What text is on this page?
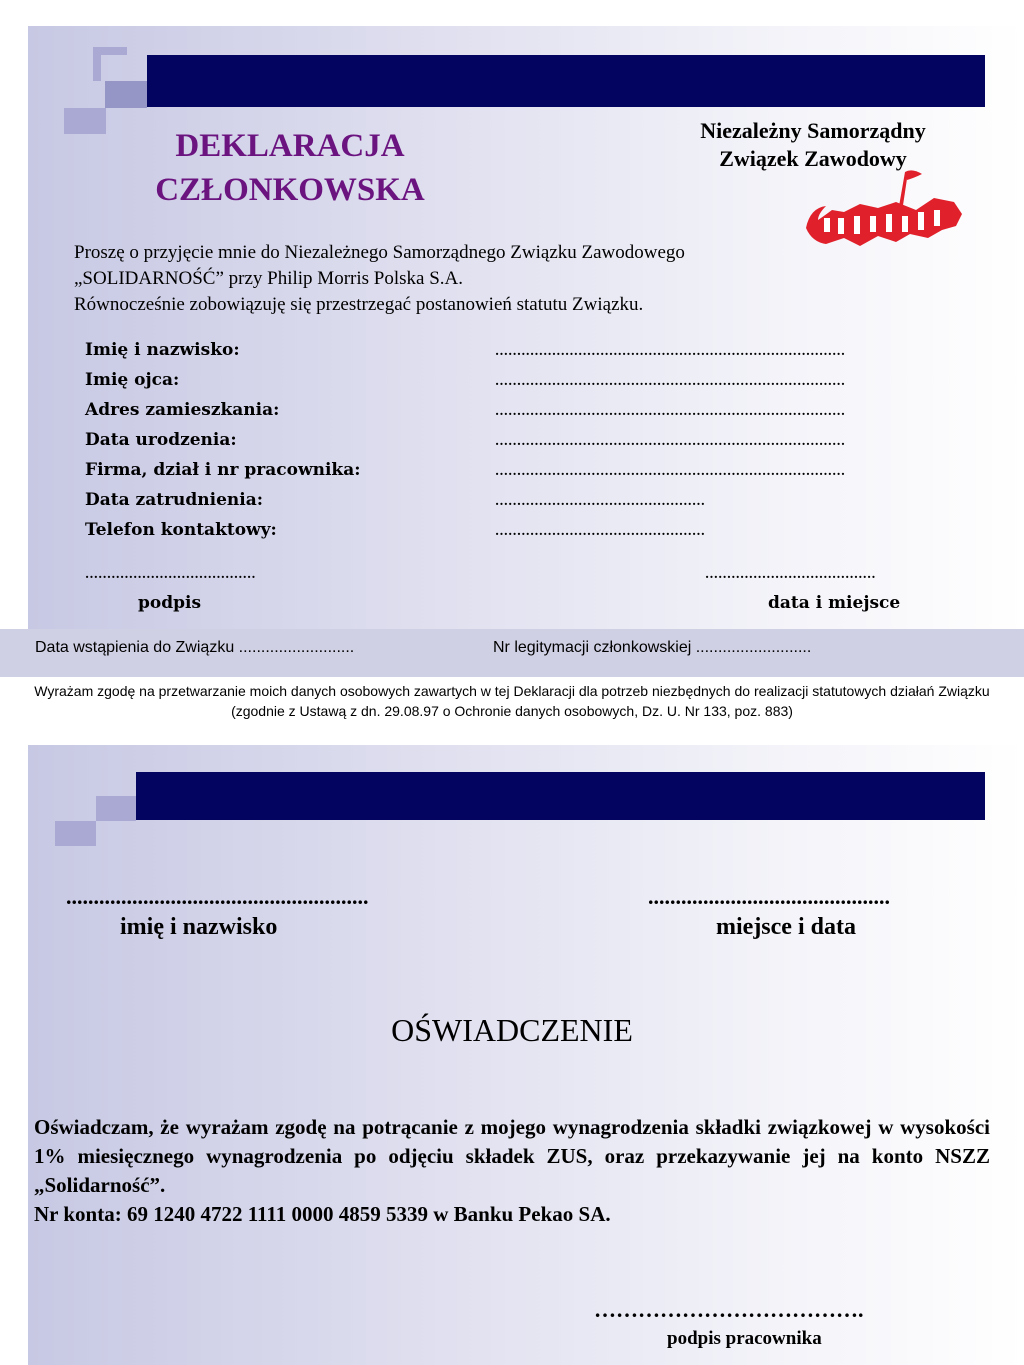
DEKLARACJA
CZŁONKOWSKA
Niezależny Samorządny
Związek Zawodowy
Proszę o przyjęcie mnie do Niezależnego Samorządnego Związku Zawodowego
„SOLIDARNOŚĆ” przy Philip Morris Polska S.A.
Równocześnie zobowiązuję się przestrzegać postanowień statutu Związku.
Imię i nazwisko:	................................................................................
Imię ojca:	................................................................................
Adres zamieszkania:	................................................................................
Data urodzenia:	................................................................................
Firma, dział i nr pracownika:	................................................................................
Data zatrudnienia:	................................................
Telefon kontaktowy:	................................................
.......................................	.......................................
podpis	data i miejsce
Data wstąpienia do Związku ..........................	Nr legitymacji członkowskiej ..........................
Wyrażam zgodę na przetwarzanie moich danych osobowych zawartych w tej Deklaracji dla potrzeb niezbędnych do realizacji statutowych działań Związku (zgodnie z Ustawą z dn. 29.08.97 o Ochronie danych osobowych, Dz. U. Nr 133, poz. 883)
.......................................................	............................................
imię i nazwisko	miejsce i data
OŚWIADCZENIE

Oświadczam, że wyrażam zgodę na potrącanie z mojego wynagrodzenia składki związkowej w wysokości 1% miesięcznego wynagrodzenia po odjęciu składek ZUS, oraz przekazywanie jej na konto NSZZ „Solidarność”.

Nr konta: 69 1240 4722 1111 0000 4859 5339 w Banku Pekao SA.

……………………………….
podpis pracownika
